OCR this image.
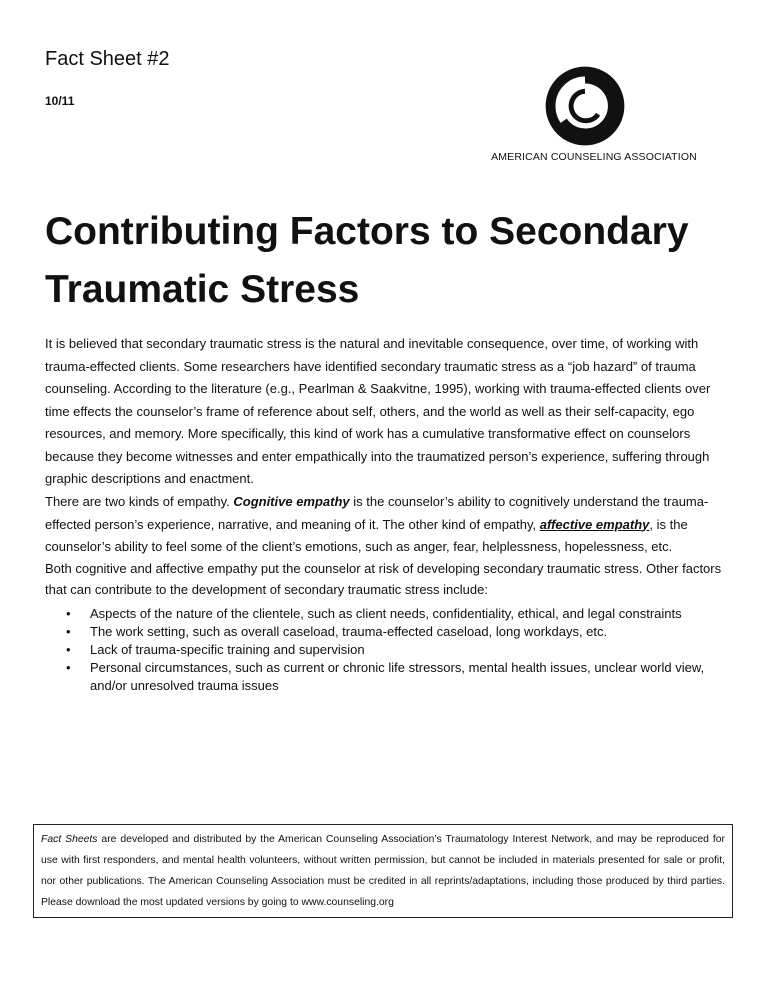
Fact Sheet #2
10/11
AMERICAN COUNSELING ASSOCIATION
Contributing Factors to Secondary Traumatic Stress

It is believed that secondary traumatic stress is the natural and inevitable consequence, over time, of working with trauma-effected clients. Some researchers have identified secondary traumatic stress as a “job hazard” of trauma counseling. According to the literature (e.g., Pearlman & Saakvitne, 1995), working with trauma-effected clients over time effects the counselor’s frame of reference about self, others, and the world as well as their self-capacity, ego resources, and memory. More specifically, this kind of work has a cumulative transformative effect on counselors because they become witnesses and enter empathically into the traumatized person’s experience, suffering through graphic descriptions and enactment.

There are two kinds of empathy. Cognitive empathy is the counselor’s ability to cognitively understand the trauma-effected person’s experience, narrative, and meaning of it. The other kind of empathy, affective empathy, is the counselor’s ability to feel some of the client’s emotions, such as anger, fear, helplessness, hopelessness, etc.

Both cognitive and affective empathy put the counselor at risk of developing secondary traumatic stress. Other factors that can contribute to the development of secondary traumatic stress include:

• Aspects of the nature of the clientele, such as client needs, confidentiality, ethical, and legal constraints
• The work setting, such as overall caseload, trauma-effected caseload, long workdays, etc.
• Lack of trauma-specific training and supervision
• Personal circumstances, such as current or chronic life stressors, mental health issues, unclear world view, and/or unresolved trauma issues

Fact Sheets are developed and distributed by the American Counseling Association’s Traumatology Interest Network, and may be reproduced for use with first responders, and mental health volunteers, without written permission, but cannot be included in materials presented for sale or profit, nor other publications. The American Counseling Association must be credited in all reprints/adaptations, including those produced by third parties. Please download the most updated versions by going to www.counseling.org
